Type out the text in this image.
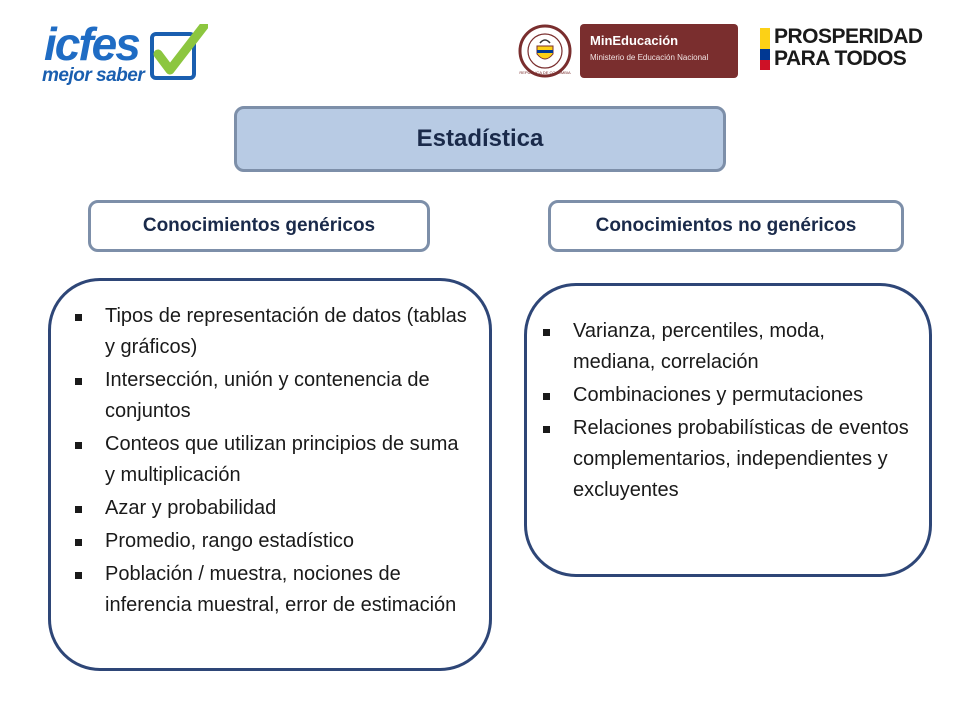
icfes
mejor saber	REPÚBLICA DE COLOMBIA
MinEducación
Ministerio de Educación Nacional
PROSPERIDAD
PARA TODOS
Estadística
Conocimientos genéricos	Conocimientos no genéricos
Tipos de representación de datos (tablas y gráficos)
Intersección, unión y contenencia de conjuntos
Conteos que utilizan principios de suma y multiplicación
Azar y probabilidad
Promedio, rango estadístico
Población / muestra, nociones de inferencia muestral, error de estimación
Varianza, percentiles, moda, mediana, correlación
Combinaciones y permutaciones
Relaciones probabilísticas de eventos complementarios, independientes y excluyentes
